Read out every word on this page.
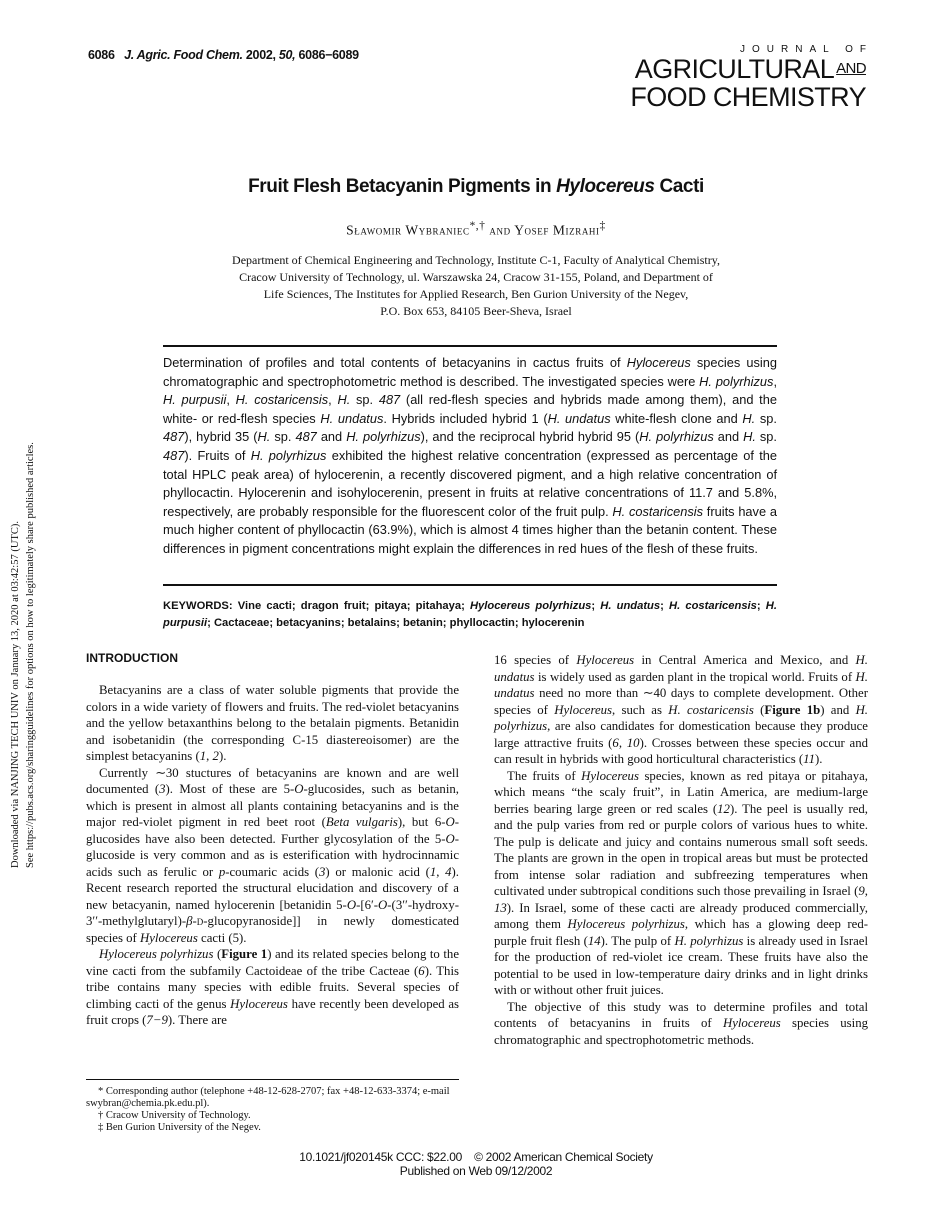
6086 J. Agric. Food Chem. 2002, 50, 6086−6089	JOURNAL OF
AGRICULTURAL $^{AND}$
FOOD CHEMISTRY
Downloaded via NANJING TECH UNIV on January 13, 2020 at 03:42:57 (UTC). See https://pubs.acs.org/sharingguidelines for options on how to legitimately share published articles.
Fruit Flesh Betacyanin Pigments in Hylocereus Cacti
Sławomir Wybraniec*,† and Yosef Mizrahi‡
Department of Chemical Engineering and Technology, Institute C-1, Faculty of Analytical Chemistry,
Cracow University of Technology, ul. Warszawska 24, Cracow 31-155, Poland, and Department of
Life Sciences, The Institutes for Applied Research, Ben Gurion University of the Negev,
P.O. Box 653, 84105 Beer-Sheva, Israel
Determination of profiles and total contents of betacyanins in cactus fruits of Hylocereus species using chromatographic and spectrophotometric method is described. The investigated species were H. polyrhizus, H. purpusii, H. costaricensis, H. sp. 487 (all red-flesh species and hybrids made among them), and the white- or red-flesh species H. undatus. Hybrids included hybrid 1 (H. undatus white-flesh clone and H. sp. 487), hybrid 35 (H. sp. 487 and H. polyrhizus), and the reciprocal hybrid hybrid 95 (H. polyrhizus and H. sp. 487). Fruits of H. polyrhizus exhibited the highest relative concentration (expressed as percentage of the total HPLC peak area) of hylocerenin, a recently discovered pigment, and a high relative concentration of phyllocactin. Hylocerenin and isohylocerenin, present in fruits at relative concentrations of 11.7 and 5.8%, respectively, are probably responsible for the fluorescent color of the fruit pulp. H. costaricensis fruits have a much higher content of phyllocactin (63.9%), which is almost 4 times higher than the betanin content. These differences in pigment concentrations might explain the differences in red hues of the flesh of these fruits.
KEYWORDS: Vine cacti; dragon fruit; pitaya; pitahaya; Hylocereus polyrhizus; H. undatus; H. costaricensis; H. purpusii; Cactaceae; betacyanins; betalains; betanin; phyllocactin; hylocerenin
INTRODUCTION

Betacyanins are a class of water soluble pigments that provide the colors in a wide variety of flowers and fruits. The red-violet betacyanins and the yellow betaxanthins belong to the betalain pigments. Betanidin and isobetanidin (the corresponding C-15 diastereoisomer) are the simplest betacyanins (1, 2).

Currently ∼30 stuctures of betacyanins are known and are well documented (3). Most of these are 5-O-glucosides, such as betanin, which is present in almost all plants containing betacyanins and is the major red-violet pigment in red beet root (Beta vulgaris), but 6-O-glucosides have also been detected. Further glycosylation of the 5-O-glucoside is very common and as is esterification with hydrocinnamic acids such as ferulic or p-coumaric acids (3) or malonic acid (1, 4). Recent research reported the structural elucidation and discovery of a new betacyanin, named hylocerenin [betanidin 5-O-[6′-O-(3′′-hydroxy-3′′-methylglutaryl)-β-d-glucopyranoside]] in newly domesticated species of Hylocereus cacti (5).

Hylocereus polyrhizus (Figure 1) and its related species belong to the vine cacti from the subfamily Cactoideae of the tribe Cacteae (6). This tribe contains many species with edible fruits. Several species of climbing cacti of the genus Hylocereus have recently been developed as fruit crops (7−9). There are

* Corresponding author (telephone +48-12-628-2707; fax +48-12-633-3374; e-mail swybran@chemia.pk.edu.pl).
† Cracow University of Technology.
‡ Ben Gurion University of the Negev.

16 species of Hylocereus in Central America and Mexico, and H. undatus is widely used as garden plant in the tropical world. Fruits of H. undatus need no more than ∼40 days to complete development. Other species of Hylocereus, such as H. costaricensis (Figure 1b) and H. polyrhizus, are also candidates for domestication because they produce large attractive fruits (6, 10). Crosses between these species occur and can result in hybrids with good horticultural characteristics (11).

The fruits of Hylocereus species, known as red pitaya or pitahaya, which means “the scaly fruit”, in Latin America, are medium-large berries bearing large green or red scales (12). The peel is usually red, and the pulp varies from red or purple colors of various hues to white. The pulp is delicate and juicy and contains numerous small soft seeds. The plants are grown in the open in tropical areas but must be protected from intense solar radiation and subfreezing temperatures when cultivated under subtropical conditions such those prevailing in Israel (9, 13). In Israel, some of these cacti are already produced commercially, among them Hylocereus polyrhizus, which has a glowing deep red-purple fruit flesh (14). The pulp of H. polyrhizus is already used in Israel for the production of red-violet ice cream. These fruits have also the potential to be used in low-temperature dairy drinks and in light drinks with or without other fruit juices.

The objective of this study was to determine profiles and total contents of betacyanins in fruits of Hylocereus species using chromatographic and spectrophotometric methods.

10.1021/jf020145k CCC: $22.00 © 2002 American Chemical Society
Published on Web 09/12/2002
